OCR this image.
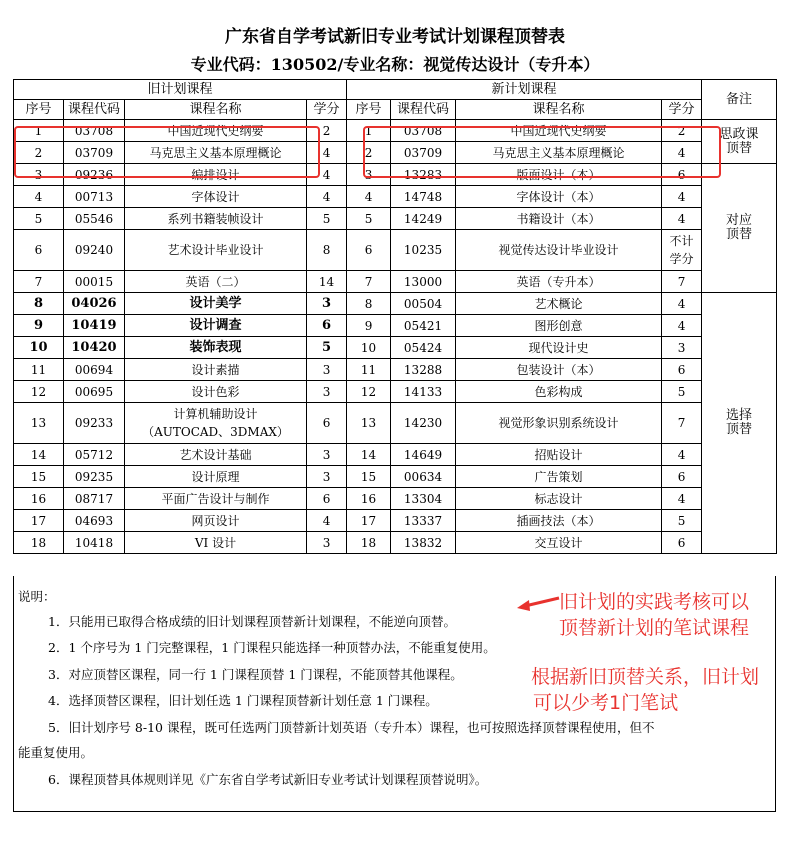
广东省自学考试新旧专业考试计划课程顶替表
专业代码：130502/专业名称：视觉传达设计（专升本）
旧计划课程				新计划课程				备注
序号	课程代码	课程名称	学分	序号	课程代码	课程名称	学分	
1	03708	中国近现代史纲要	2	1	03708	中国近现代史纲要	2	思政课
顶替

2	03709	马克思主义基本原理概论	4	2	03709	马克思主义基本原理概论	4	
3	09236	编排设计	4	3	13283	版面设计（本）	6	对应
顶替

4	00713	字体设计	4	4	14748	字体设计（本）	4	
5	05546	系列书籍装帧设计	5	5	14249	书籍设计（本）	4	
6	09240	艺术设计毕业设计	8	6	10235	视觉传达设计毕业设计	不计
学分	

7	00015	英语（二）	14	7	13000	英语（专升本）	7	
8	04026	设计美学	3	8	00504	艺术概论	4	选择
顶替

9	10419	设计调查	6	9	05421	图形创意	4	
10	10420	装饰表现	5	10	05424	现代设计史	3	
11	00694	设计素描	3	11	13288	包装设计（本）	6	
12	00695	设计色彩	3	12	14133	色彩构成	5	
13	09233	计算机辅助设计
（AUTOCAD、3DMAX）	6	13	14230	视觉形象识别系统设计	7	
14	05712	艺术设计基础	3	14	14649	招贴设计	4	
15	09235	设计原理	3	15	00634	广告策划	6	
16	08717	平面广告设计与制作	6	16	13304	标志设计	4	
17	04693	网页设计	4	17	13337	插画技法（本）	5	
18	10418	VI 设计	3	18	13832	交互设计	6	

说明：

1．只能用已取得合格成绩的旧计划课程顶替新计划课程，不能逆向顶替。

2．1 个序号为 1 门完整课程，1 门课程只能选择一种顶替办法，不能重复使用。

3．对应顶替区课程，同一行 1 门课程顶替 1 门课程，不能顶替其他课程。

4．选择顶替区课程，旧计划任选 1 门课程顶替新计划任意 1 门课程。

5．旧计划序号 8-10 课程，既可任选两门顶替新计划英语（专升本）课程，也可按照选择顶替课程使用，但不

能重复使用。

6．课程顶替具体规则详见《广东省自学考试新旧专业考试计划课程顶替说明》。

旧计划的实践考核可以
顶替新计划的笔试课程
根据新旧顶替关系，旧计划
可以少考1门笔试
